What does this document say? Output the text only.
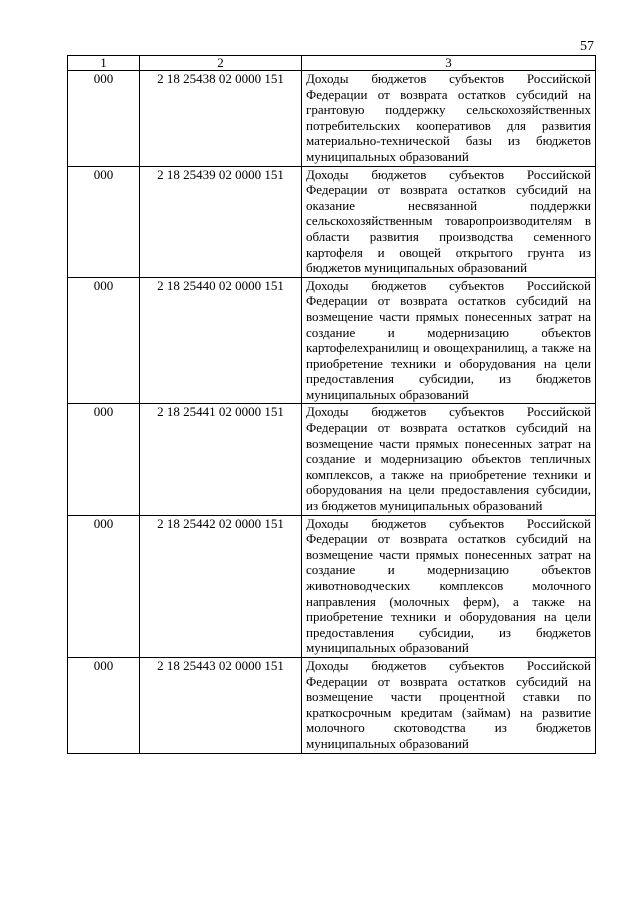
57
1	2	3
000	2 18 25438 02 0000 151	Доходы бюджетов субъектов Российской Федерации от возврата остатков субсидий на грантовую поддержку сельскохозяйственных потребительских кооперативов для развития материально-технической базы из бюджетов муниципальных образований
000	2 18 25439 02 0000 151	Доходы бюджетов субъектов Российской Федерации от возврата остатков субсидий на оказание несвязанной поддержки сельскохозяйственным товаропроизводителям в области развития производства семенного картофеля и овощей открытого грунта из бюджетов муниципальных образований
000	2 18 25440 02 0000 151	Доходы бюджетов субъектов Российской Федерации от возврата остатков субсидий на возмещение части прямых понесенных затрат на создание и модернизацию объектов картофелехранилищ и овощехранилищ, а также на приобретение техники и оборудования на цели предоставления субсидии, из бюджетов муниципальных образований
000	2 18 25441 02 0000 151	Доходы бюджетов субъектов Российской Федерации от возврата остатков субсидий на возмещение части прямых понесенных затрат на создание и модернизацию объектов тепличных комплексов, а также на приобретение техники и оборудования на цели предоставления субсидии, из бюджетов муниципальных образований
000	2 18 25442 02 0000 151	Доходы бюджетов субъектов Российской Федерации от возврата остатков субсидий на возмещение части прямых понесенных затрат на создание и модернизацию объектов животноводческих комплексов молочного направления (молочных ферм), а также на приобретение техники и оборудования на цели предоставления субсидии, из бюджетов муниципальных образований
000	2 18 25443 02 0000 151	Доходы бюджетов субъектов Российской Федерации от возврата остатков субсидий на возмещение части процентной ставки по краткосрочным кредитам (займам) на развитие молочного скотоводства из бюджетов муниципальных образований
